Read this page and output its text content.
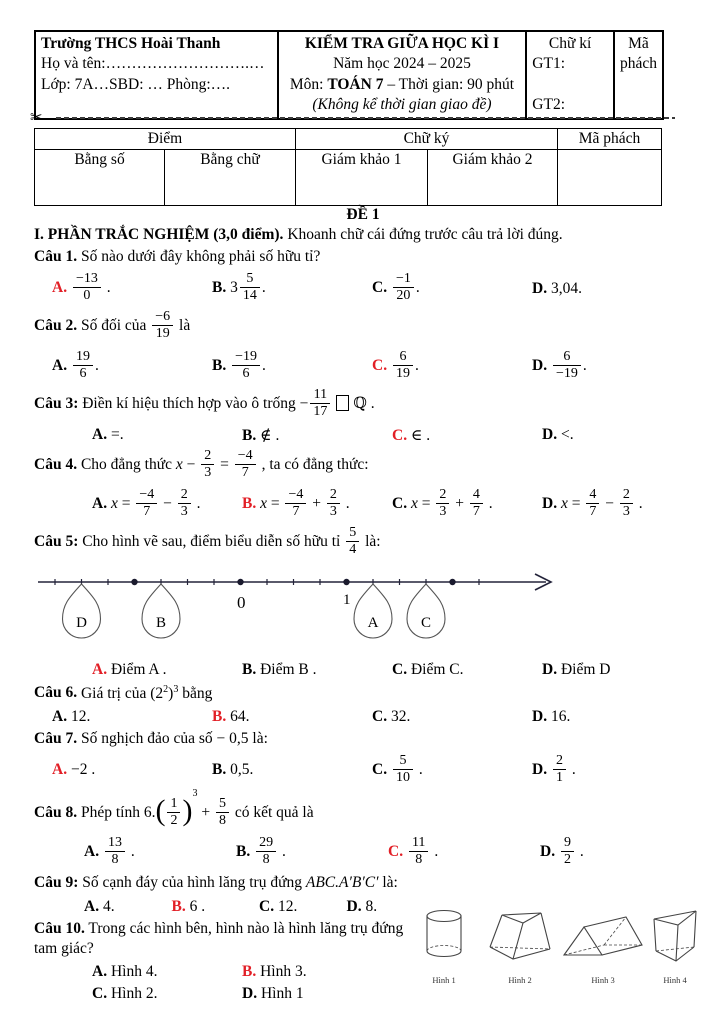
Trường THCS Hoài Thanh
Họ và tên:……………………….…
Lớp: 7A…SBD: … Phòng:….

KIỂM TRA GIỮA HỌC KÌ I
Năm học 2024 – 2025
Môn: TOÁN 7 – Thời gian: 90 phút
(Không kể thời gian giao đề)

Chữ kí
GT1:
GT2:

Mã phách
✂
Điểm		Chữ ký		Mã phách
Bằng số	Bằng chữ	Giám khảo 1	Giám khảo 2	
ĐỀ 1
I. PHẦN TRẮC NGHIỆM (3,0 điểm). Khoanh chữ cái đứng trước câu trả lời đúng.
Câu 1. Số nào dưới đây không phải số hữu tỉ?
A. $\frac{-13}{0}$ .	B. $3 \frac{5}{14}$ .	C. $\frac{-1}{20}$ .	D. 3,04.
Câu 2. Số đối của $\frac{-6}{19}$ là
A. $\frac{19}{6}$ .	B. $\frac{-19}{6}$ .	C. $\frac{6}{19}$ .	D. $\frac{6}{-19}$ .
Câu 3: Điền kí hiệu thích hợp vào ô trống − $\frac{11}{17}$ ℚ .
A. =.	B. ∉ .	C. ∈ .	D. <.
Câu 4. Cho đẳng thức $x - \frac{2}{3} = \frac{-4}{7}$ , ta có đẳng thức:
A. $x = \frac{-4}{7} - \frac{2}{3}$ .	B. $x = \frac{-4}{7} + \frac{2}{3}$ .	C. $x = \frac{2}{3} + \frac{4}{7}$ .	D. $x = \frac{4}{7} - \frac{2}{3}$ .
Câu 5: Cho hình vẽ sau, điểm biểu diễn số hữu tỉ $\frac{5}{4}$ là:
0	1
D	B	A	C
A. Điểm A .	B. Điểm B .	C. Điểm C.	D. Điểm D
Câu 6. Giá trị của $(2^2)^3$ bằng
A. 12.	B. 64.	C. 32.	D. 16.
Câu 7. Số nghịch đảo của số − 0,5 là:
A. −2 .	B. 0,5.	C. $\frac{5}{10}$ .	D. $\frac{2}{1}$ .
Câu 8. Phép tính $6.( \frac{1}{2} )^3 + \frac{5}{8}$ có kết quả là
A. $\frac{13}{8}$ .	B. $\frac{29}{8}$ .	C. $\frac{11}{8}$ .	D. $\frac{9}{2}$ .
Câu 9: Số cạnh đáy của hình lăng trụ đứng ABC.A′B′C′ là:
A. 4.	B. 6 .	C. 12.	D. 8.
Câu 10. Trong các hình bên, hình nào là hình lăng trụ đứng tam giác?
A. Hình 4.	B. Hình 3.
C. Hình 2.	D. Hình 1
Hình 1	Hình 2	Hình 3	Hình 4
